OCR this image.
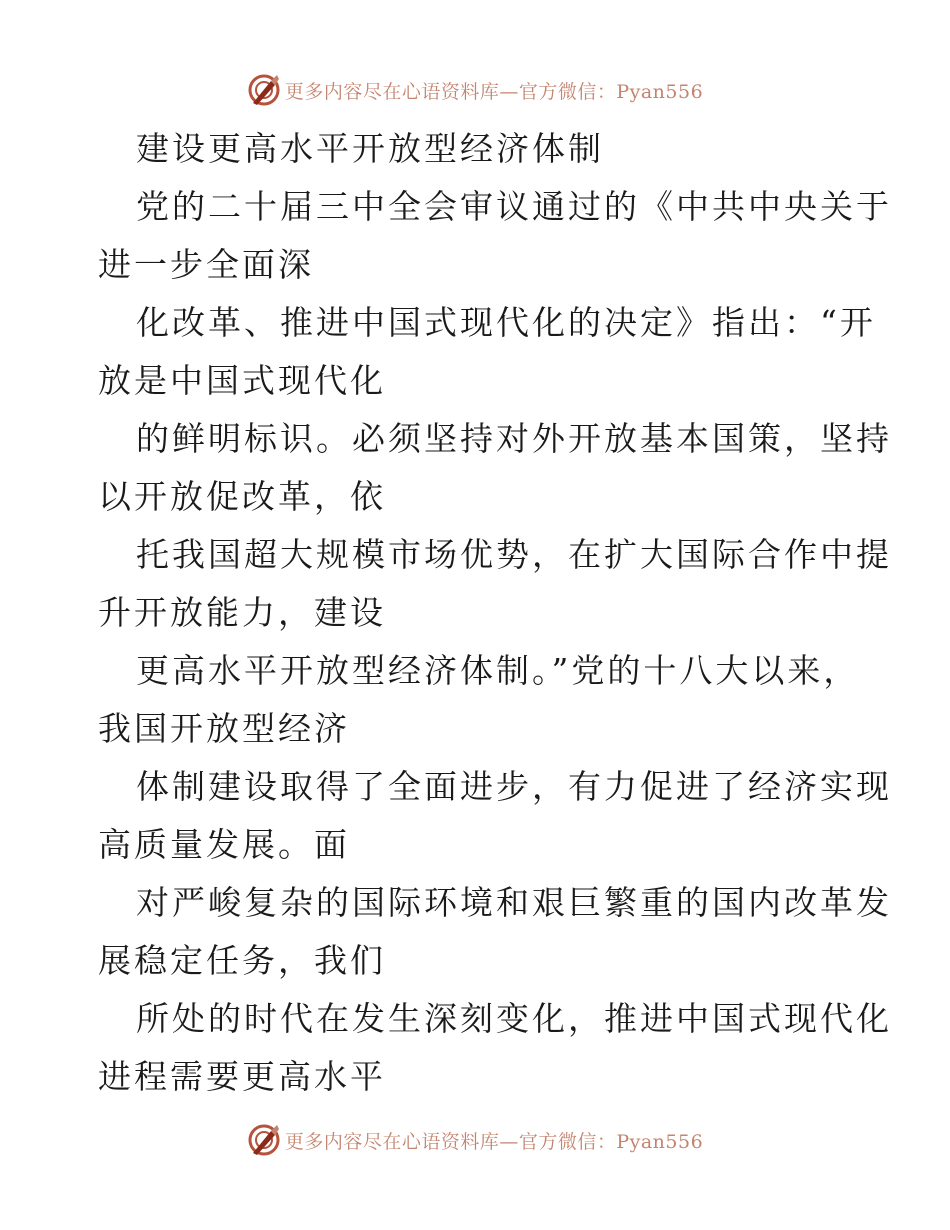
更多内容尽在心语资料库—官方微信：Pyan556
建设更高水平开放型经济体制
党的二十届三中全会审议通过的《中共中央关于
进一步全面深
化改革、推进中国式现代化的决定》指出：“开
放是中国式现代化
的鲜明标识。必须坚持对外开放基本国策，坚持
以开放促改革，依
托我国超大规模市场优势，在扩大国际合作中提
升开放能力，建设
更高水平开放型经济体制。”党的十八大以来，
我国开放型经济
体制建设取得了全面进步，有力促进了经济实现
高质量发展。面
对严峻复杂的国际环境和艰巨繁重的国内改革发
展稳定任务，我们
所处的时代在发生深刻变化，推进中国式现代化
进程需要更高水平
更多内容尽在心语资料库—官方微信：Pyan556
